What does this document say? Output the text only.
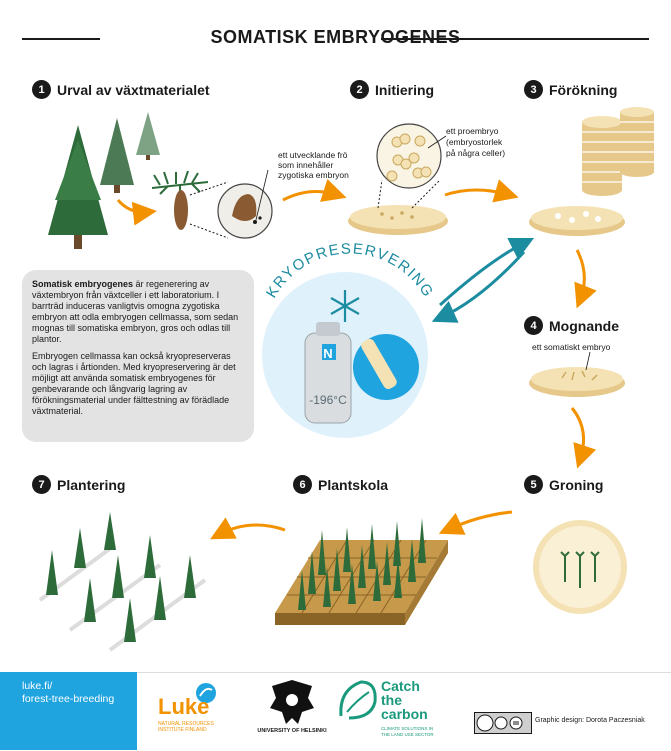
SOMATISK EMBRYOGENES
1 Urval av växtmaterialet	2 Initiering	3 Förökning
4 Mognande
5 Groning
6 Plantskola
7 Plantering
ett utvecklande frö
som innehåller
zygotiska embryon
ett proembryo
(embryostorlek
på några celler)
ett somatiskt embryo
N
-196°C
KRYOPRESERVERING

Somatisk embryogenes är regenerering av växtembryon från växtceller i ett laboratorium. I barrträd induceras vanligtvis omogna zygotiska embryon att odla embryogen cellmassa, som sedan mognas till somatiska embryon, gros och odlas till plantor.

Embryogen cellmassa kan också kryopreserveras och lagras i årtionden. Med kryopreservering är det möjligt att använda somatisk embryogenes för genbevarande och långvarig lagring av förökningsmaterial under fälttestning av förädlade växtmaterial.

luke.fi/
forest-tree-breeding Luke
NATURAL RESOURCES
INSTITUTE FINLAND	UNIVERSITY OF HELSINKI
Catch
the
carbon
CLIMATE SOLUTIONS IN
THE LAND USE SECTOR
Graphic design: Dorota Paczesniak
